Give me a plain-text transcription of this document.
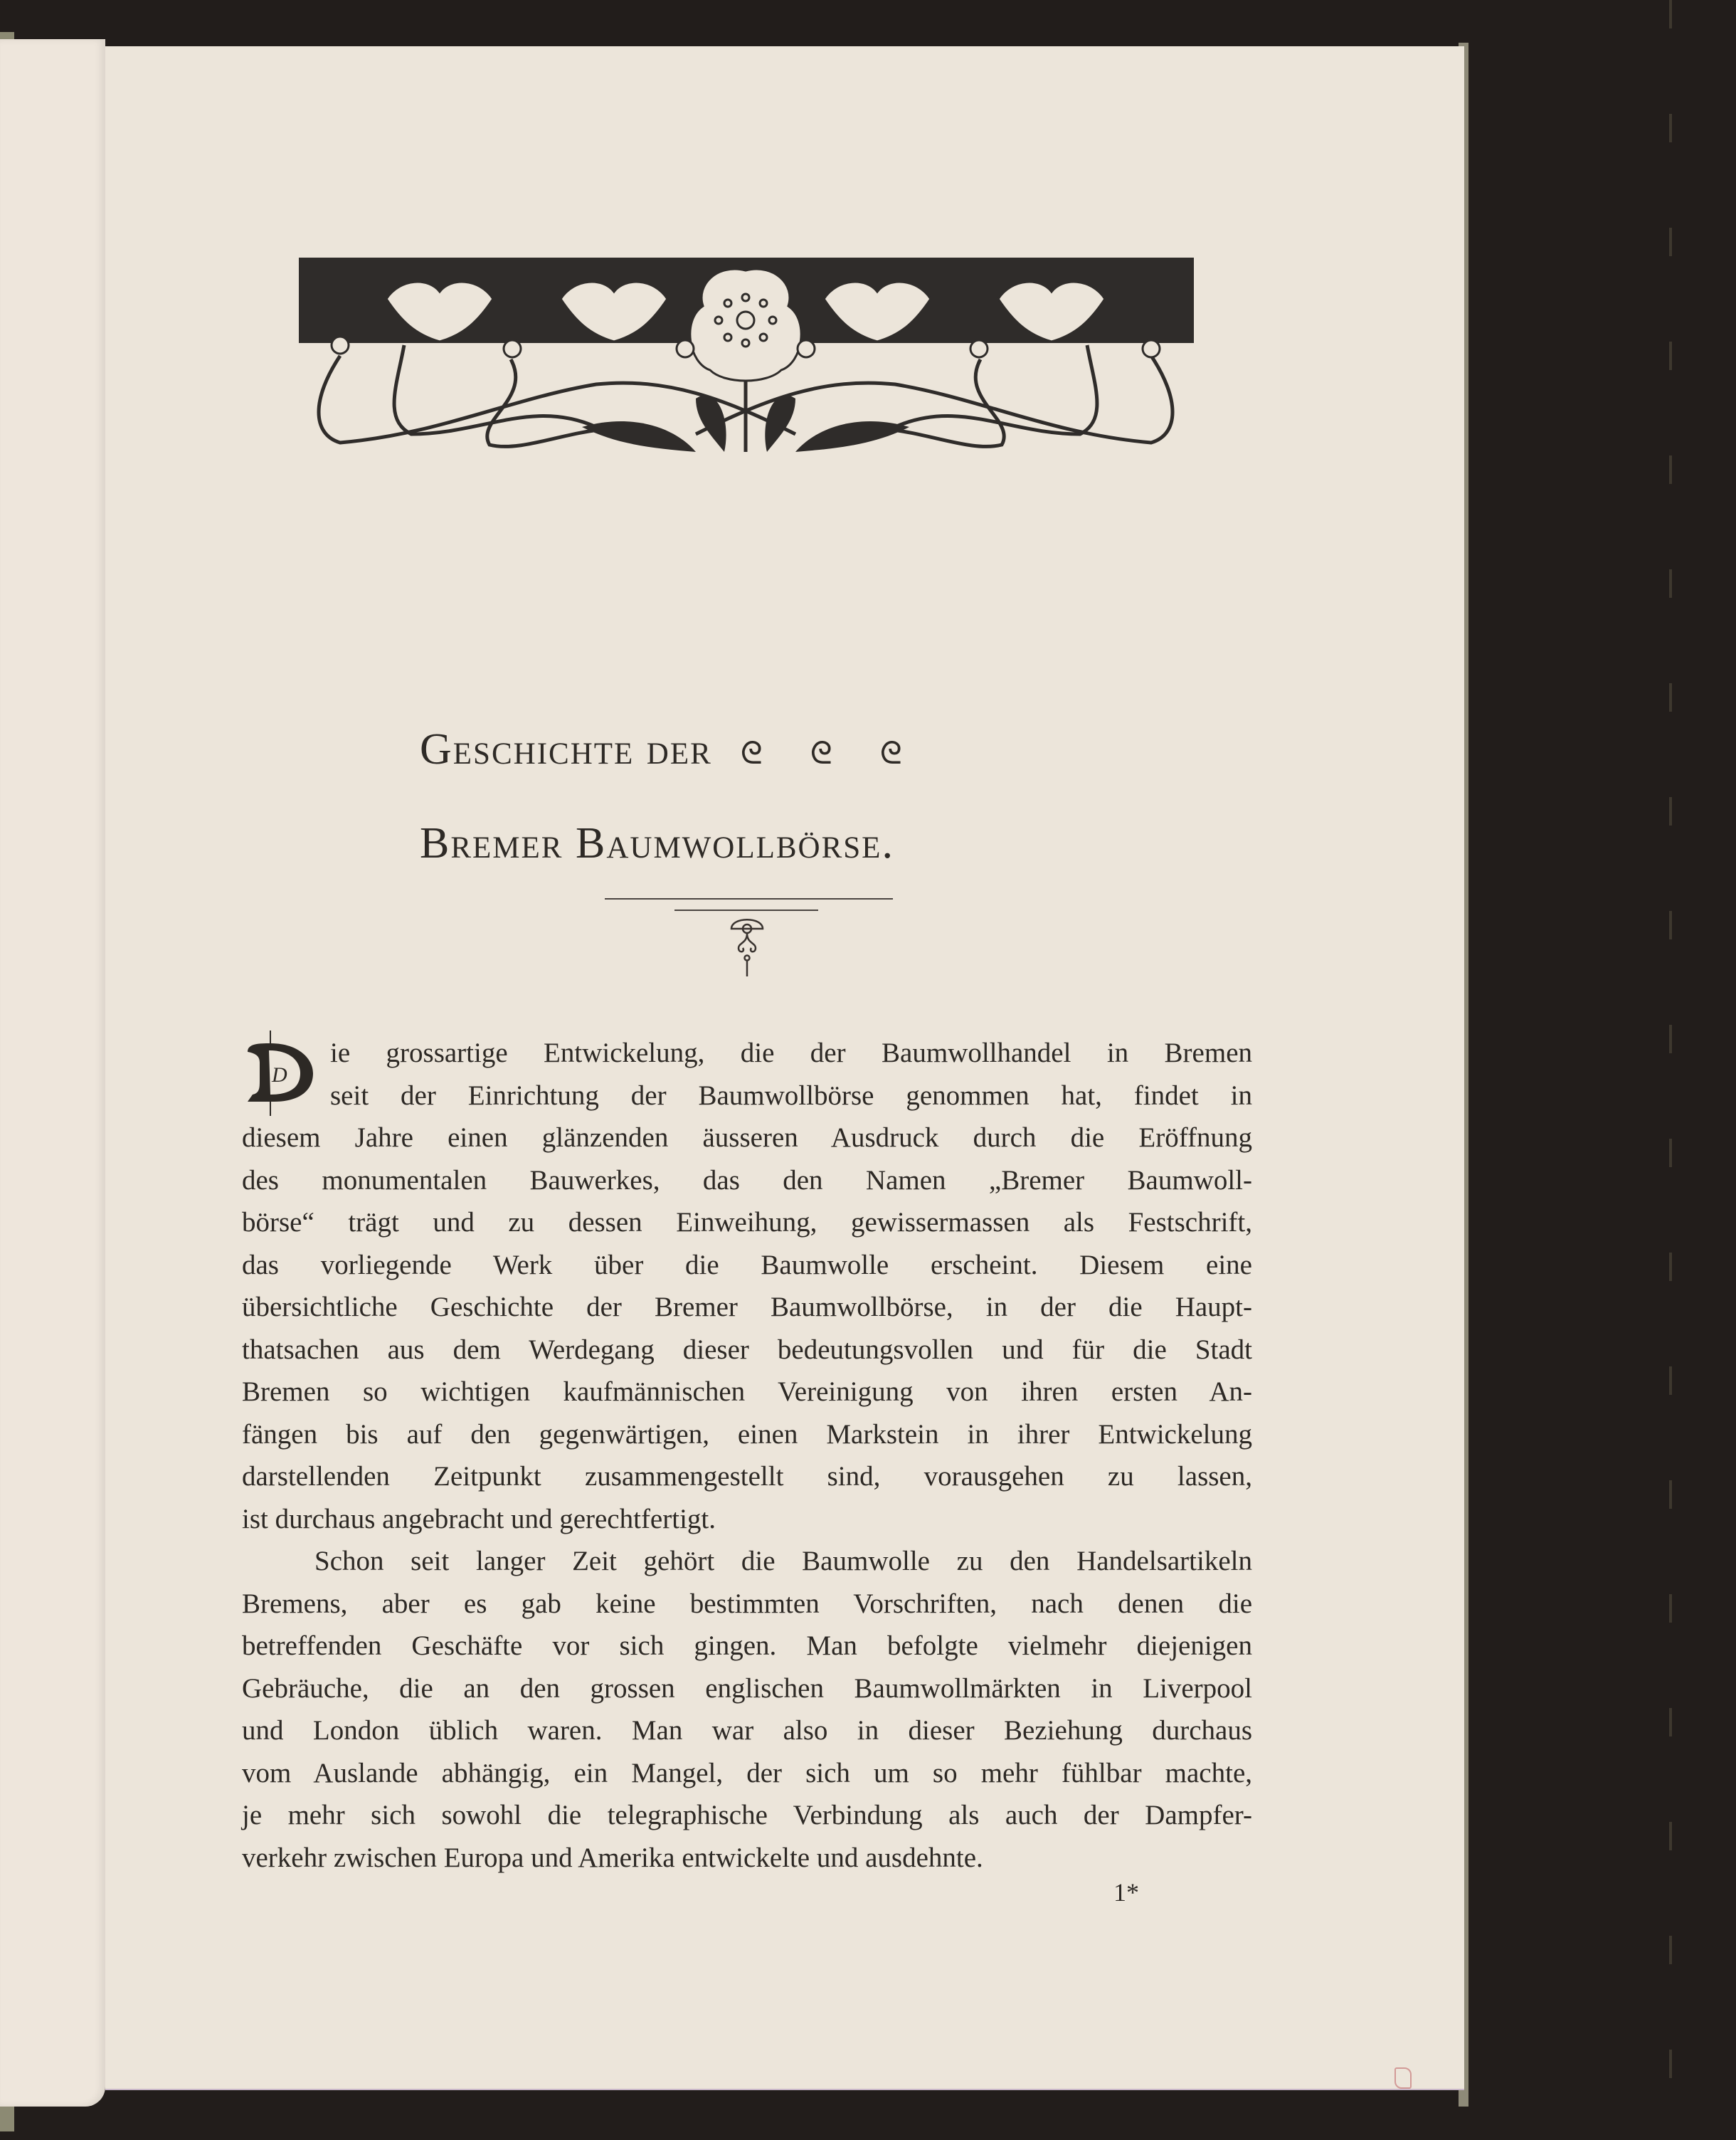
Geschichte der ᘓ ᘓ ᘓ
Bremer Baumwollbörse.
D
ie grossartige Entwickelung, die der Baumwollhandel in Bremen
seit der Einrichtung der Baumwollbörse genommen hat, findet in
diesem Jahre einen glänzenden äusseren Ausdruck durch die Eröffnung
des monumentalen Bauwerkes, das den Namen „Bremer Baumwoll-
börse“ trägt und zu dessen Einweihung, gewissermassen als Festschrift,
das vorliegende Werk über die Baumwolle erscheint. Diesem eine
übersichtliche Geschichte der Bremer Baumwollbörse, in der die Haupt-
thatsachen aus dem Werdegang dieser bedeutungsvollen und für die Stadt
Bremen so wichtigen kaufmännischen Vereinigung von ihren ersten An-
fängen bis auf den gegenwärtigen, einen Markstein in ihrer Entwickelung
darstellenden Zeitpunkt zusammengestellt sind, vorausgehen zu lassen,
ist durchaus angebracht und gerechtfertigt.
Schon seit langer Zeit gehört die Baumwolle zu den Handelsartikeln
Bremens, aber es gab keine bestimmten Vorschriften, nach denen die
betreffenden Geschäfte vor sich gingen. Man befolgte vielmehr diejenigen
Gebräuche, die an den grossen englischen Baumwollmärkten in Liverpool
und London üblich waren. Man war also in dieser Beziehung durchaus
vom Auslande abhängig, ein Mangel, der sich um so mehr fühlbar machte,
je mehr sich sowohl die telegraphische Verbindung als auch der Dampfer-
verkehr zwischen Europa und Amerika entwickelte und ausdehnte.
1*
